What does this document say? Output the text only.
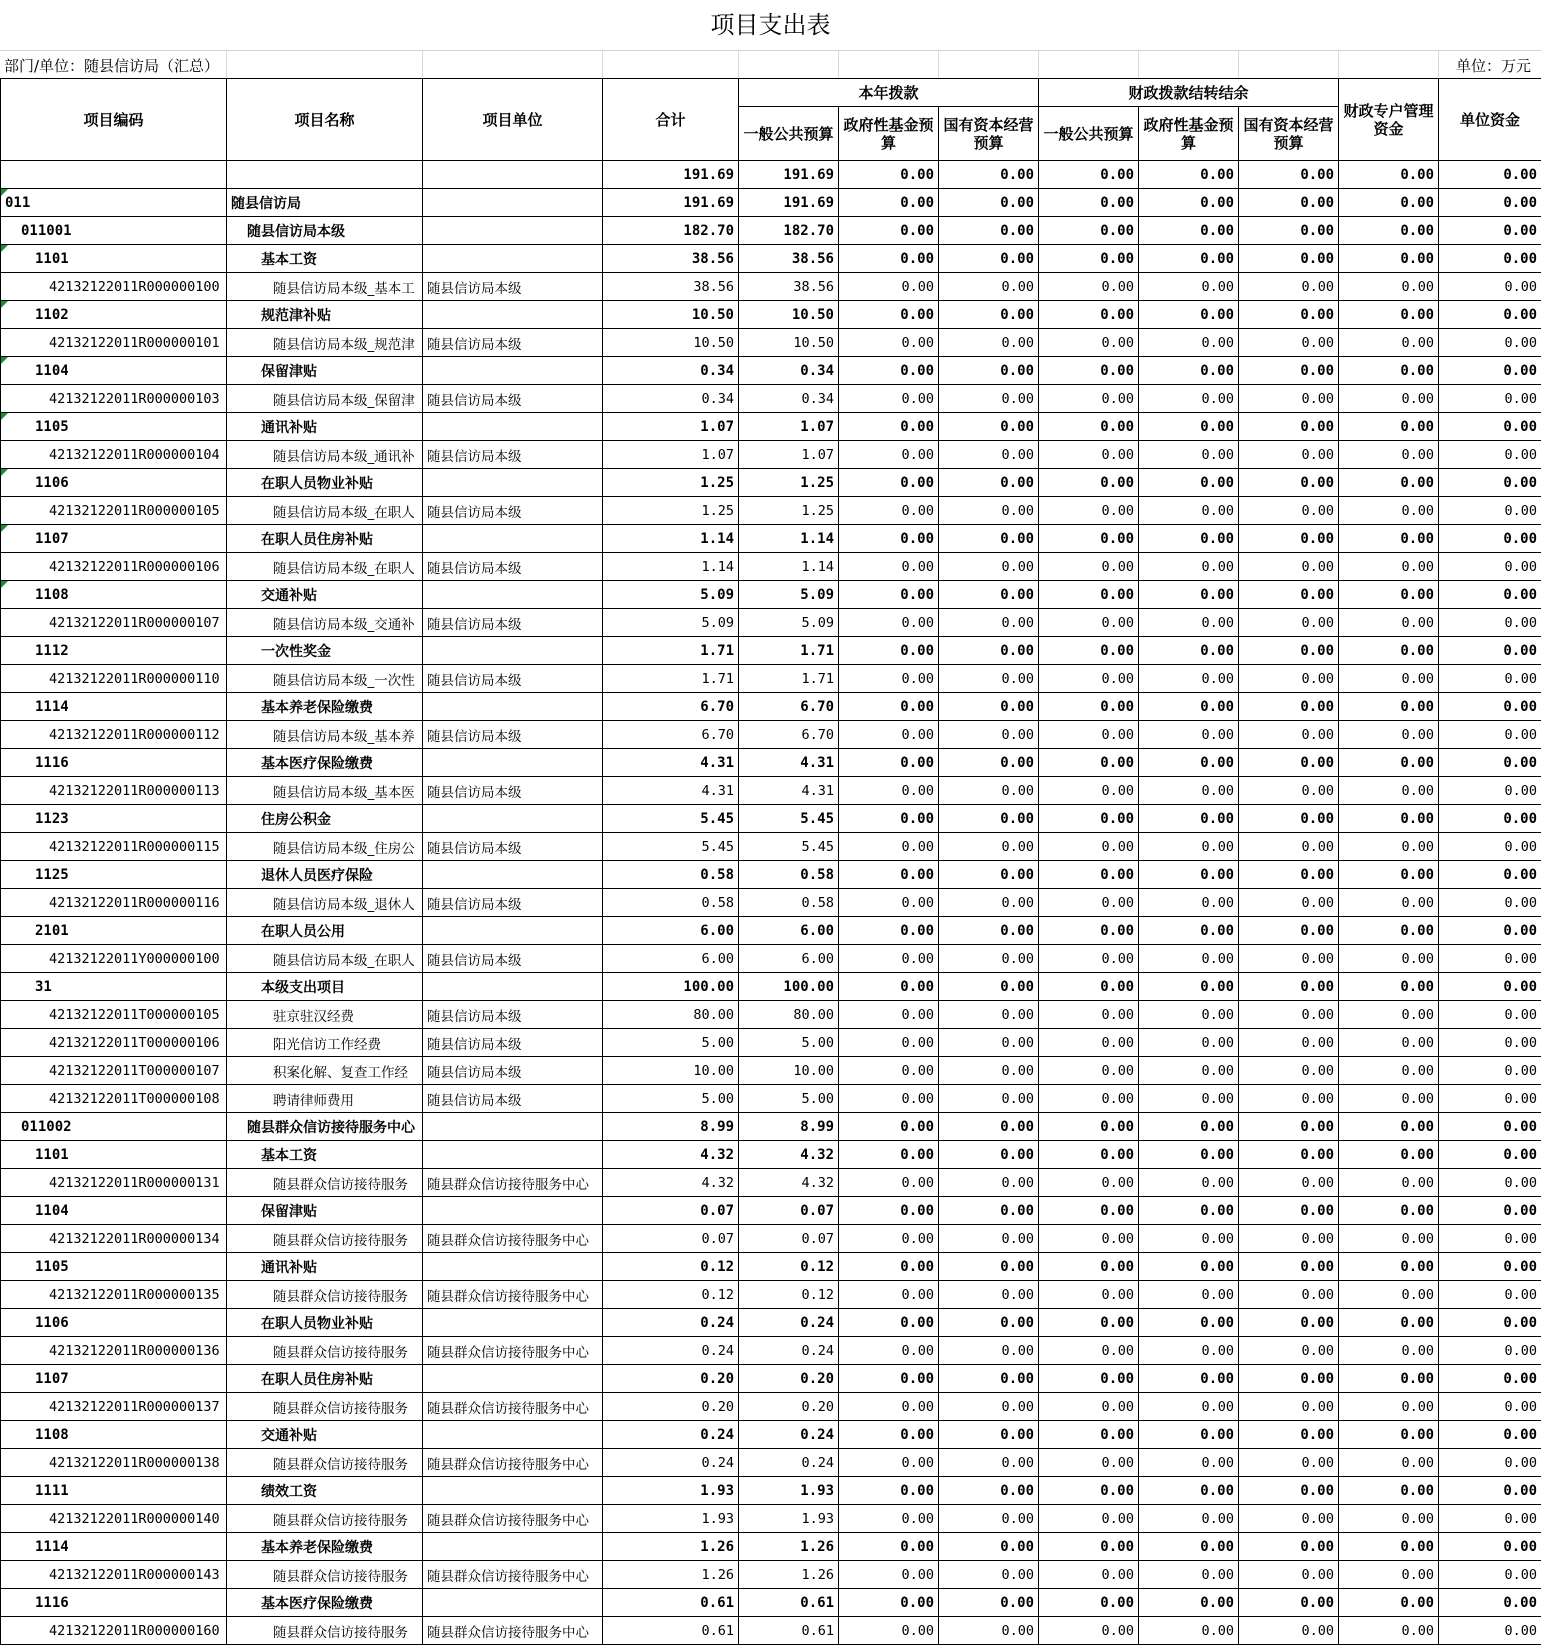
项目支出表
部门/单位：随县信访局（汇总）	单位：万元
项目编码	项目名称	项目单位	合计	本年拨款			财政拨款结转结余			财政专户管理资金	单位资金
				一般公共预算	政府性基金预算	国有资本经营预算	一般公共预算	政府性基金预算	国有资本经营预算		
			191.69	191.69	0.00	0.00	0.00	0.00	0.00	0.00	0.00
011	随县信访局		191.69	191.69	0.00	0.00	0.00	0.00	0.00	0.00	0.00
011001	随县信访局本级		182.70	182.70	0.00	0.00	0.00	0.00	0.00	0.00	0.00
1101	基本工资		38.56	38.56	0.00	0.00	0.00	0.00	0.00	0.00	0.00
42132122011R000000100	随县信访局本级_基本工	随县信访局本级	38.56	38.56	0.00	0.00	0.00	0.00	0.00	0.00	0.00
1102	规范津补贴		10.50	10.50	0.00	0.00	0.00	0.00	0.00	0.00	0.00
42132122011R000000101	随县信访局本级_规范津	随县信访局本级	10.50	10.50	0.00	0.00	0.00	0.00	0.00	0.00	0.00
1104	保留津贴		0.34	0.34	0.00	0.00	0.00	0.00	0.00	0.00	0.00
42132122011R000000103	随县信访局本级_保留津	随县信访局本级	0.34	0.34	0.00	0.00	0.00	0.00	0.00	0.00	0.00
1105	通讯补贴		1.07	1.07	0.00	0.00	0.00	0.00	0.00	0.00	0.00
42132122011R000000104	随县信访局本级_通讯补	随县信访局本级	1.07	1.07	0.00	0.00	0.00	0.00	0.00	0.00	0.00
1106	在职人员物业补贴		1.25	1.25	0.00	0.00	0.00	0.00	0.00	0.00	0.00
42132122011R000000105	随县信访局本级_在职人	随县信访局本级	1.25	1.25	0.00	0.00	0.00	0.00	0.00	0.00	0.00
1107	在职人员住房补贴		1.14	1.14	0.00	0.00	0.00	0.00	0.00	0.00	0.00
42132122011R000000106	随县信访局本级_在职人	随县信访局本级	1.14	1.14	0.00	0.00	0.00	0.00	0.00	0.00	0.00
1108	交通补贴		5.09	5.09	0.00	0.00	0.00	0.00	0.00	0.00	0.00
42132122011R000000107	随县信访局本级_交通补	随县信访局本级	5.09	5.09	0.00	0.00	0.00	0.00	0.00	0.00	0.00
1112	一次性奖金		1.71	1.71	0.00	0.00	0.00	0.00	0.00	0.00	0.00
42132122011R000000110	随县信访局本级_一次性	随县信访局本级	1.71	1.71	0.00	0.00	0.00	0.00	0.00	0.00	0.00
1114	基本养老保险缴费		6.70	6.70	0.00	0.00	0.00	0.00	0.00	0.00	0.00
42132122011R000000112	随县信访局本级_基本养	随县信访局本级	6.70	6.70	0.00	0.00	0.00	0.00	0.00	0.00	0.00
1116	基本医疗保险缴费		4.31	4.31	0.00	0.00	0.00	0.00	0.00	0.00	0.00
42132122011R000000113	随县信访局本级_基本医	随县信访局本级	4.31	4.31	0.00	0.00	0.00	0.00	0.00	0.00	0.00
1123	住房公积金		5.45	5.45	0.00	0.00	0.00	0.00	0.00	0.00	0.00
42132122011R000000115	随县信访局本级_住房公	随县信访局本级	5.45	5.45	0.00	0.00	0.00	0.00	0.00	0.00	0.00
1125	退休人员医疗保险		0.58	0.58	0.00	0.00	0.00	0.00	0.00	0.00	0.00
42132122011R000000116	随县信访局本级_退休人	随县信访局本级	0.58	0.58	0.00	0.00	0.00	0.00	0.00	0.00	0.00
2101	在职人员公用		6.00	6.00	0.00	0.00	0.00	0.00	0.00	0.00	0.00
42132122011Y000000100	随县信访局本级_在职人	随县信访局本级	6.00	6.00	0.00	0.00	0.00	0.00	0.00	0.00	0.00
31	本级支出项目		100.00	100.00	0.00	0.00	0.00	0.00	0.00	0.00	0.00
42132122011T000000105	驻京驻汉经费	随县信访局本级	80.00	80.00	0.00	0.00	0.00	0.00	0.00	0.00	0.00
42132122011T000000106	阳光信访工作经费	随县信访局本级	5.00	5.00	0.00	0.00	0.00	0.00	0.00	0.00	0.00
42132122011T000000107	积案化解、复查工作经	随县信访局本级	10.00	10.00	0.00	0.00	0.00	0.00	0.00	0.00	0.00
42132122011T000000108	聘请律师费用	随县信访局本级	5.00	5.00	0.00	0.00	0.00	0.00	0.00	0.00	0.00
011002	随县群众信访接待服务中心		8.99	8.99	0.00	0.00	0.00	0.00	0.00	0.00	0.00
1101	基本工资		4.32	4.32	0.00	0.00	0.00	0.00	0.00	0.00	0.00
42132122011R000000131	随县群众信访接待服务	随县群众信访接待服务中心	4.32	4.32	0.00	0.00	0.00	0.00	0.00	0.00	0.00
1104	保留津贴		0.07	0.07	0.00	0.00	0.00	0.00	0.00	0.00	0.00
42132122011R000000134	随县群众信访接待服务	随县群众信访接待服务中心	0.07	0.07	0.00	0.00	0.00	0.00	0.00	0.00	0.00
1105	通讯补贴		0.12	0.12	0.00	0.00	0.00	0.00	0.00	0.00	0.00
42132122011R000000135	随县群众信访接待服务	随县群众信访接待服务中心	0.12	0.12	0.00	0.00	0.00	0.00	0.00	0.00	0.00
1106	在职人员物业补贴		0.24	0.24	0.00	0.00	0.00	0.00	0.00	0.00	0.00
42132122011R000000136	随县群众信访接待服务	随县群众信访接待服务中心	0.24	0.24	0.00	0.00	0.00	0.00	0.00	0.00	0.00
1107	在职人员住房补贴		0.20	0.20	0.00	0.00	0.00	0.00	0.00	0.00	0.00
42132122011R000000137	随县群众信访接待服务	随县群众信访接待服务中心	0.20	0.20	0.00	0.00	0.00	0.00	0.00	0.00	0.00
1108	交通补贴		0.24	0.24	0.00	0.00	0.00	0.00	0.00	0.00	0.00
42132122011R000000138	随县群众信访接待服务	随县群众信访接待服务中心	0.24	0.24	0.00	0.00	0.00	0.00	0.00	0.00	0.00
1111	绩效工资		1.93	1.93	0.00	0.00	0.00	0.00	0.00	0.00	0.00
42132122011R000000140	随县群众信访接待服务	随县群众信访接待服务中心	1.93	1.93	0.00	0.00	0.00	0.00	0.00	0.00	0.00
1114	基本养老保险缴费		1.26	1.26	0.00	0.00	0.00	0.00	0.00	0.00	0.00
42132122011R000000143	随县群众信访接待服务	随县群众信访接待服务中心	1.26	1.26	0.00	0.00	0.00	0.00	0.00	0.00	0.00
1116	基本医疗保险缴费		0.61	0.61	0.00	0.00	0.00	0.00	0.00	0.00	0.00
42132122011R000000160	随县群众信访接待服务	随县群众信访接待服务中心	0.61	0.61	0.00	0.00	0.00	0.00	0.00	0.00	0.00
